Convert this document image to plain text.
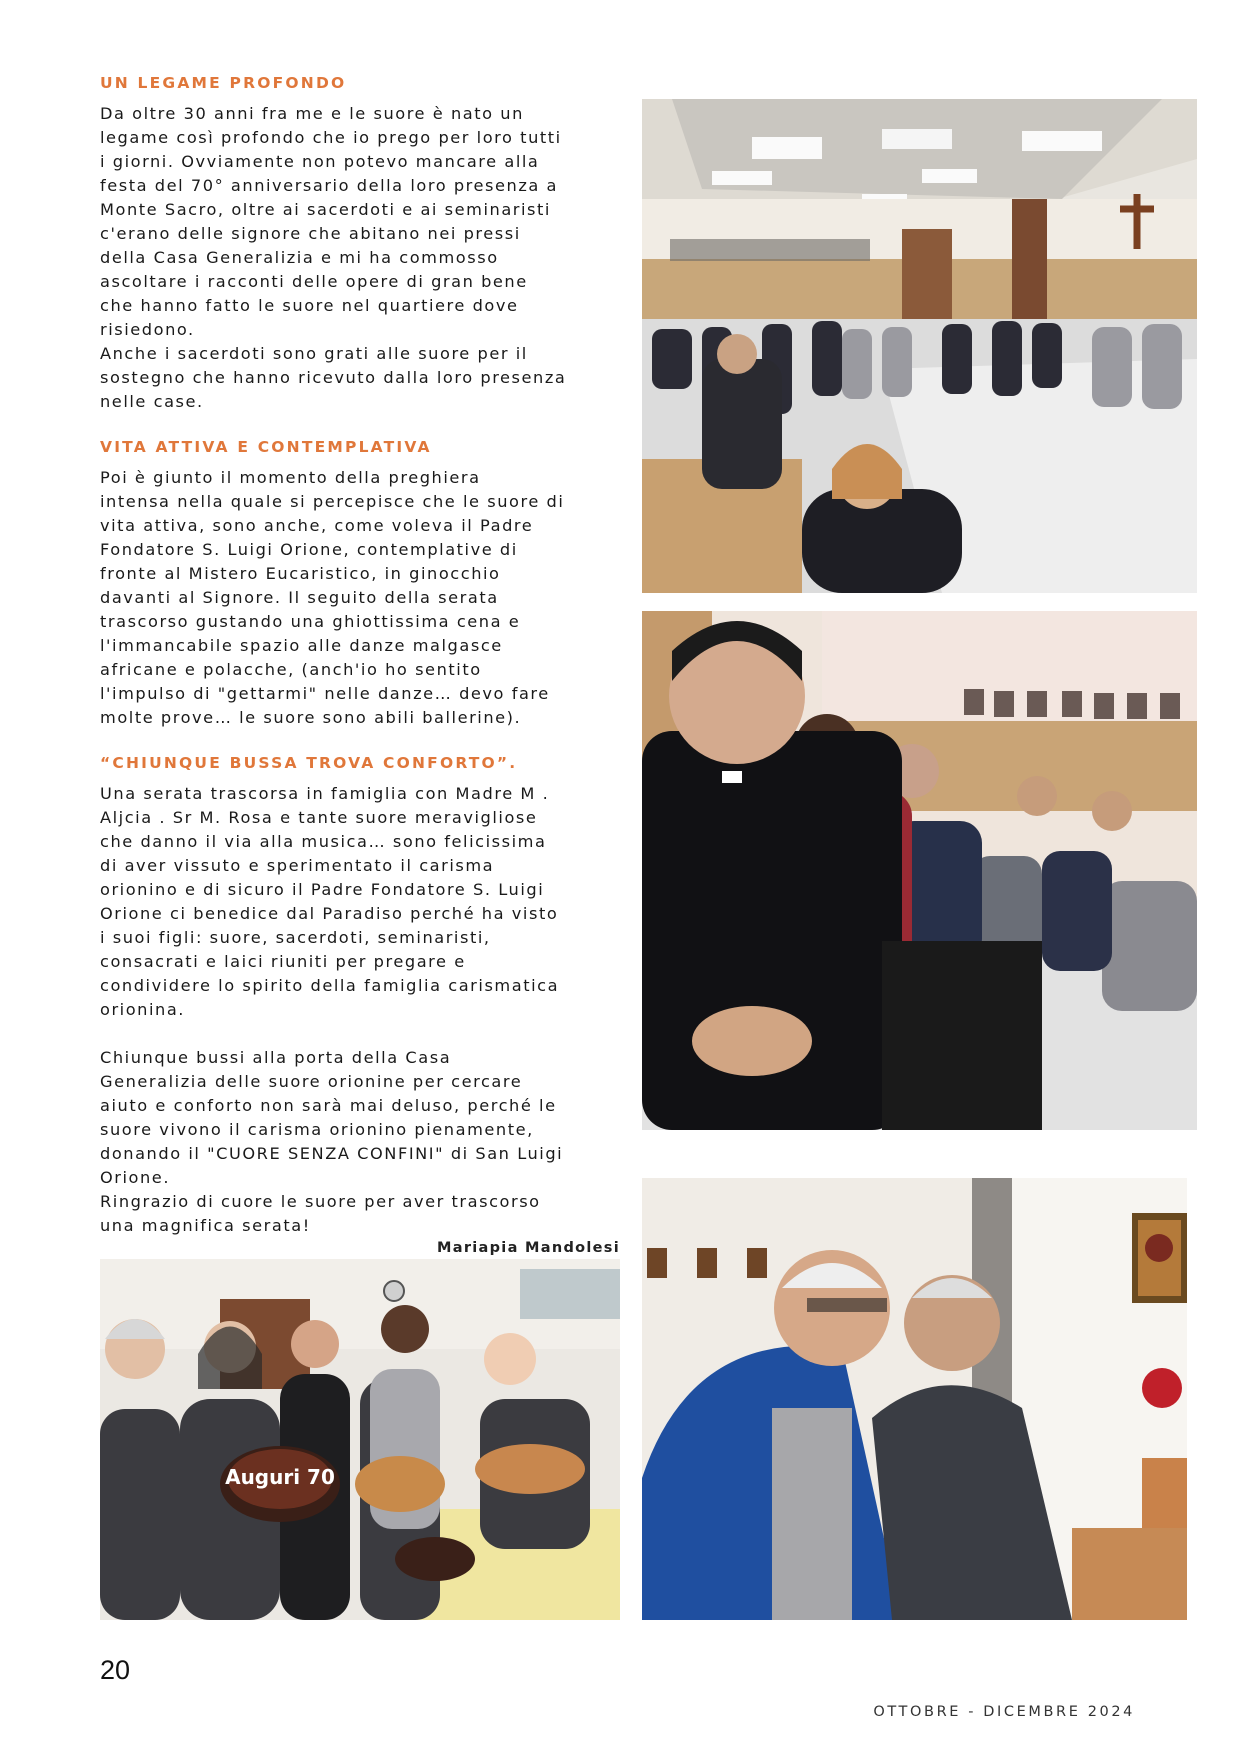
UN LEGAME PROFONDO

Da oltre 30 anni fra me e le suore è nato un
legame così profondo che io prego per loro tutti
i giorni. Ovviamente non potevo mancare alla
festa del 70° anniversario della loro presenza a
Monte Sacro, oltre ai sacerdoti e ai seminaristi
c'erano delle signore che abitano nei pressi
della Casa Generalizia e mi ha commosso
ascoltare i racconti delle opere di gran bene
che hanno fatto le suore nel quartiere dove
risiedono.
Anche i sacerdoti sono grati alle suore per il
sostegno che hanno ricevuto dalla loro presenza
nelle case.

VITA ATTIVA E CONTEMPLATIVA

Poi è giunto il momento della preghiera
intensa nella quale si percepisce che le suore di
vita attiva, sono anche, come voleva il Padre
Fondatore S. Luigi Orione, contemplative di
fronte al Mistero Eucaristico, in ginocchio
davanti al Signore. Il seguito della serata
trascorso gustando una ghiottissima cena e
l'immancabile spazio alle danze malgasce
africane e polacche, (anch'io ho sentito
l'impulso di "gettarmi" nelle danze… devo fare
molte prove… le suore sono abili ballerine).

“CHIUNQUE BUSSA TROVA CONFORTO”.

Una serata trascorsa in famiglia con Madre M .
Aljcia . Sr M. Rosa e tante suore meravigliose
che danno il via alla musica… sono felicissima
di aver vissuto e sperimentato il carisma
orionino e di sicuro il Padre Fondatore S. Luigi
Orione ci benedice dal Paradiso perché ha visto
i suoi figli: suore, sacerdoti, seminaristi,
consacrati e laici riuniti per pregare e
condividere lo spirito della famiglia carismatica
orionina.

Chiunque bussi alla porta della Casa
Generalizia delle suore orionine per cercare
aiuto e conforto non sarà mai deluso, perché le
suore vivono il carisma orionino pienamente,
donando il "CUORE SENZA CONFINI" di San Luigi
Orione.
Ringrazio di cuore le suore per aver trascorso
una magnifica serata!

Mariapia Mandolesi
Auguri 70
20
OTTOBRE - DICEMBRE 2024
